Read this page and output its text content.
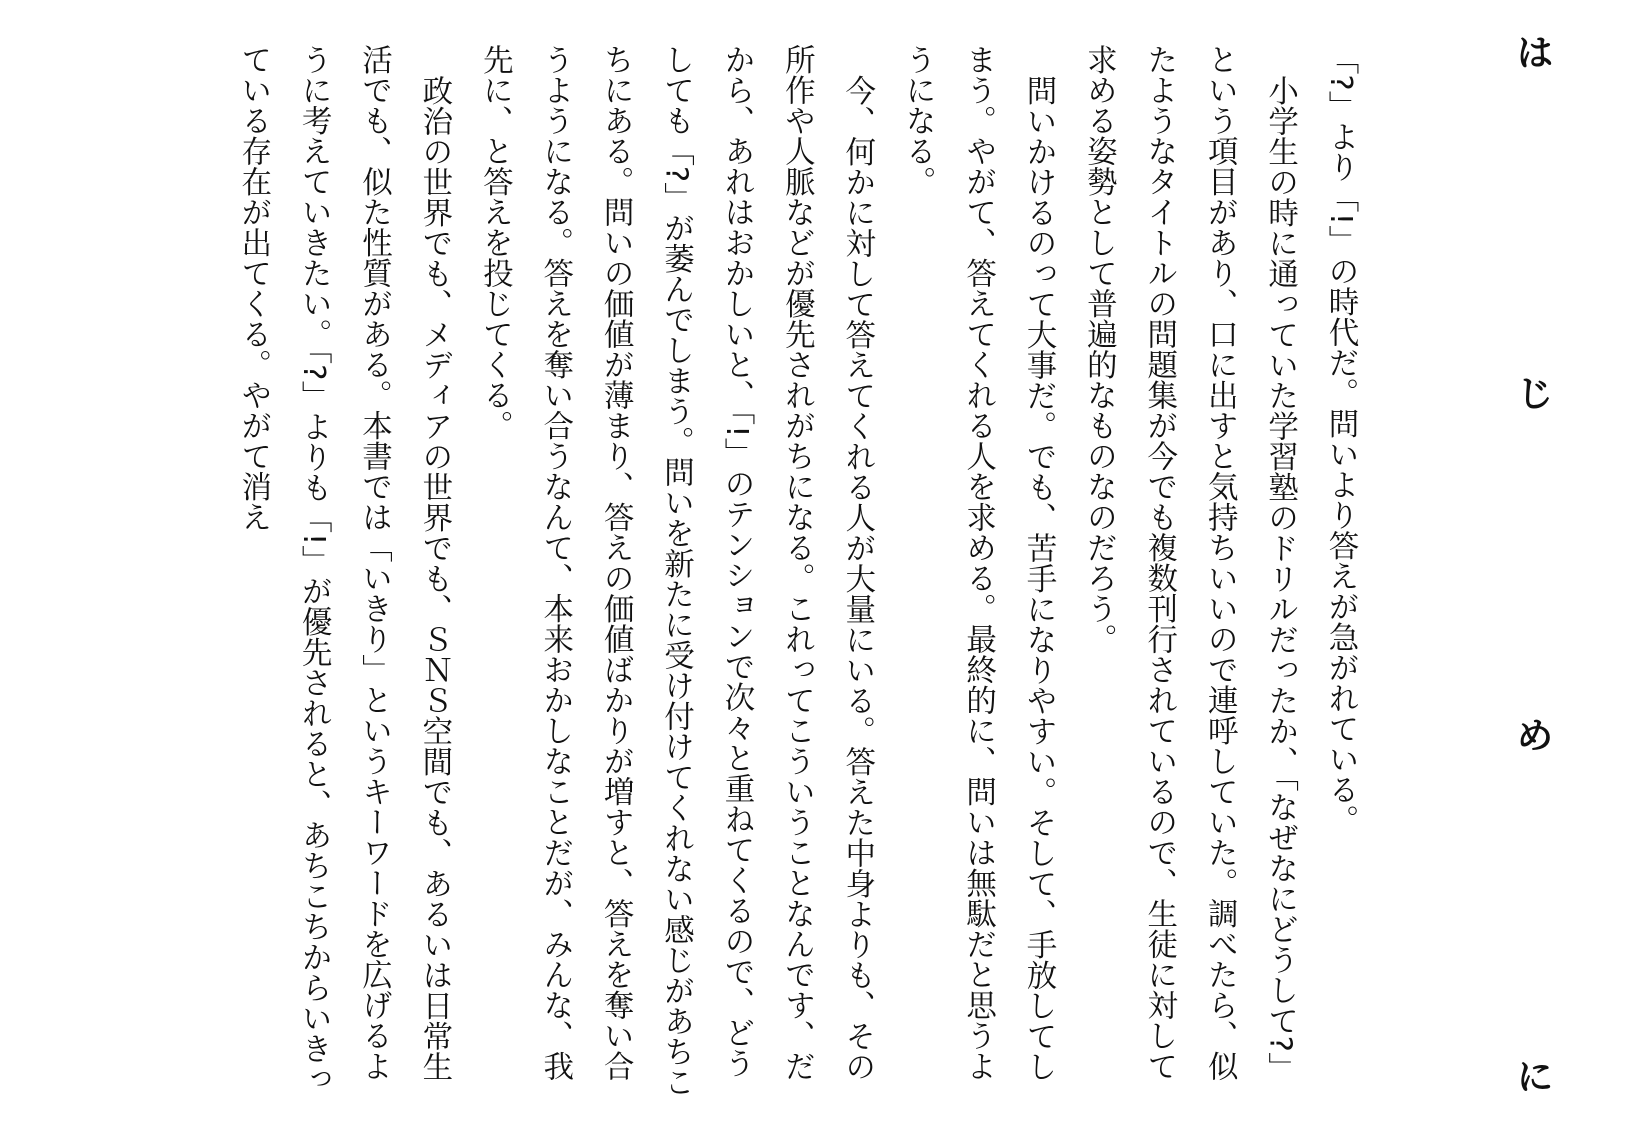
は
じ
め
に

「?」より「!」の時代だ。問いより答えが急がれている。

小学生の時に通っていた学習塾のドリルだったか、「なぜなにどうして?」という項目があり、口に出すと気持ちいいので連呼していた。調べたら、似たようなタイトルの問題集が今でも複数刊行されているので、生徒に対して求める姿勢として普遍的なものなのだろう。

問いかけるのって大事だ。でも、苦手になりやすい。そして、手放してしまう。やがて、答えてくれる人を求める。最終的に、問いは無駄だと思うようになる。

今、何かに対して答えてくれる人が大量にいる。答えた中身よりも、その所作や人脈などが優先されがちになる。これってこういうことなんです、だから、あれはおかしいと、「!」のテンションで次々と重ねてくるので、どうしても「?」が萎んでしまう。問いを新たに受け付けてくれない感じがあちこちにある。問いの価値が薄まり、答えの価値ばかりが増すと、答えを奪い合うようになる。答えを奪い合うなんて、本来おかしなことだが、みんな、我先に、と答えを投じてくる。

政治の世界でも、メディアの世界でも、ＳＮＳ空間でも、あるいは日常生活でも、似た性質がある。本書では「いきり」というキーワードを広げるように考えていきたい。「?」よりも「!」が優先されると、あちこちからいきっている存在が出てくる。やがて消え
